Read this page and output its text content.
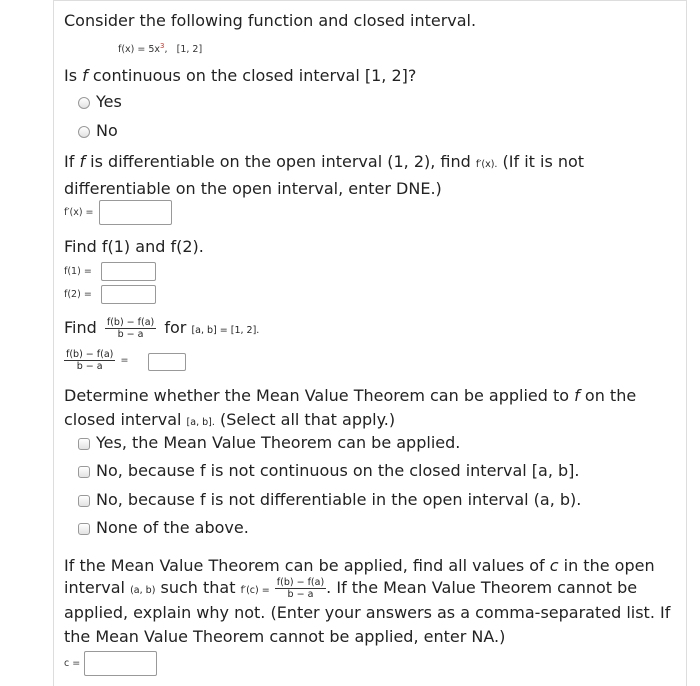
Consider the following function and closed interval.
$f(x) = 5x^3$,   [1, 2]
Is f continuous on the closed interval [1, 2]?
Yes
No
If f is differentiable on the open interval (1, 2), find f′(x). (If it is not differentiable on the open interval, enter DNE.)
f′(x) =
Find f(1) and f(2).
f(1) =
f(2) =
Find $\frac{f(b) - f(a)}{b - a}$ for [a, b] = [1, 2].
$\frac{f(b) - f(a)}{b - a}$ =
Determine whether the Mean Value Theorem can be applied to f on the closed interval [a, b]. (Select all that apply.)
Yes, the Mean Value Theorem can be applied.
No, because f is not continuous on the closed interval [a, b].
No, because f is not differentiable in the open interval (a, b).
None of the above.
If the Mean Value Theorem can be applied, find all values of c in the open
interval (a, b) such that $f'(c) = \frac{f(b) - f(a)}{b - a}$ . If the Mean Value Theorem cannot be
applied, explain why not. (Enter your answers as a comma-separated list. If the Mean Value Theorem cannot be applied, enter NA.)
c =
